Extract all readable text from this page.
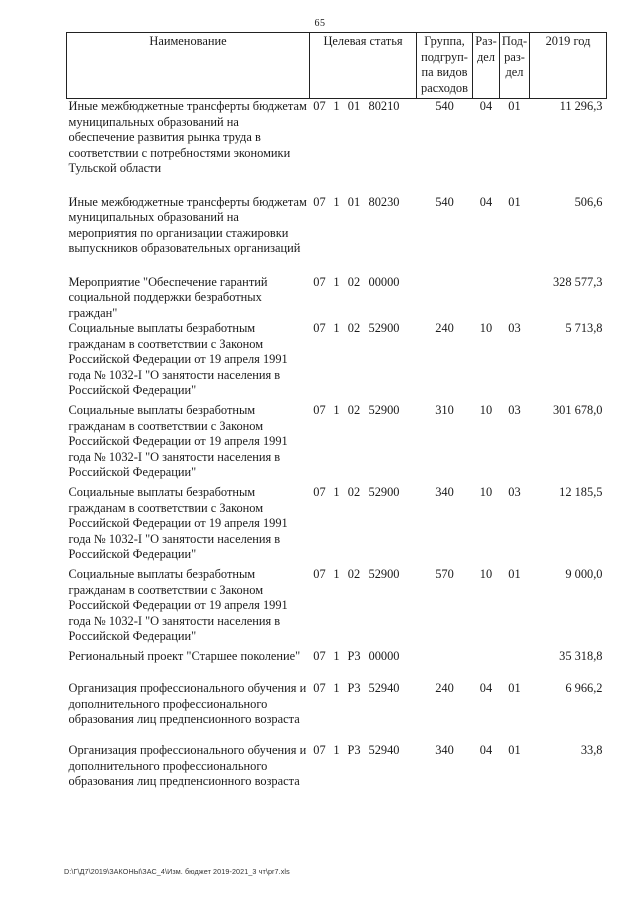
65
Наименование	Целевая статья				Группа, подгруп-па видов расходов	Раз-дел	Под-раз-дел	2019 год
Иные межбюджетные трансферты бюджетам муниципальных образований на обеспечение развития рынка труда в соответствии с потребностями экономики Тульской области	07	1	01	80210	540	04	01	11 296,3
Иные межбюджетные трансферты бюджетам муниципальных образований на мероприятия по организации стажировки выпускников образовательных организаций	07	1	01	80230	540	04	01	506,6
Мероприятие "Обеспечение гарантий социальной поддержки безработных граждан"	07	1	02	00000				328 577,3
Социальные выплаты безработным гражданам в соответствии с Законом Российской Федерации от 19 апреля 1991 года № 1032-I "О занятости населения в Российской Федерации"	07	1	02	52900	240	10	03	5 713,8
Социальные выплаты безработным гражданам в соответствии с Законом Российской Федерации от 19 апреля 1991 года № 1032-I "О занятости населения в Российской Федерации"	07	1	02	52900	310	10	03	301 678,0
Социальные выплаты безработным гражданам в соответствии с Законом Российской Федерации от 19 апреля 1991 года № 1032-I "О занятости населения в Российской Федерации"	07	1	02	52900	340	10	03	12 185,5
Социальные выплаты безработным гражданам в соответствии с Законом Российской Федерации от 19 апреля 1991 года № 1032-I "О занятости населения в Российской Федерации"	07	1	02	52900	570	10	01	9 000,0
Региональный проект "Старшее поколение"	07	1	P3	00000				35 318,8
Организация профессионального обучения и дополнительного профессионального образования лиц предпенсионного возраста	07	1	P3	52940	240	04	01	6 966,2
Организация профессионального обучения и дополнительного профессионального образования лиц предпенсионного возраста	07	1	P3	52940	340	04	01	33,8
D:\Г\Д7\2019\ЗАКОНЫ\ЗАС_4\Изм. бюджет 2019-2021_3 чт\pr7.xls
